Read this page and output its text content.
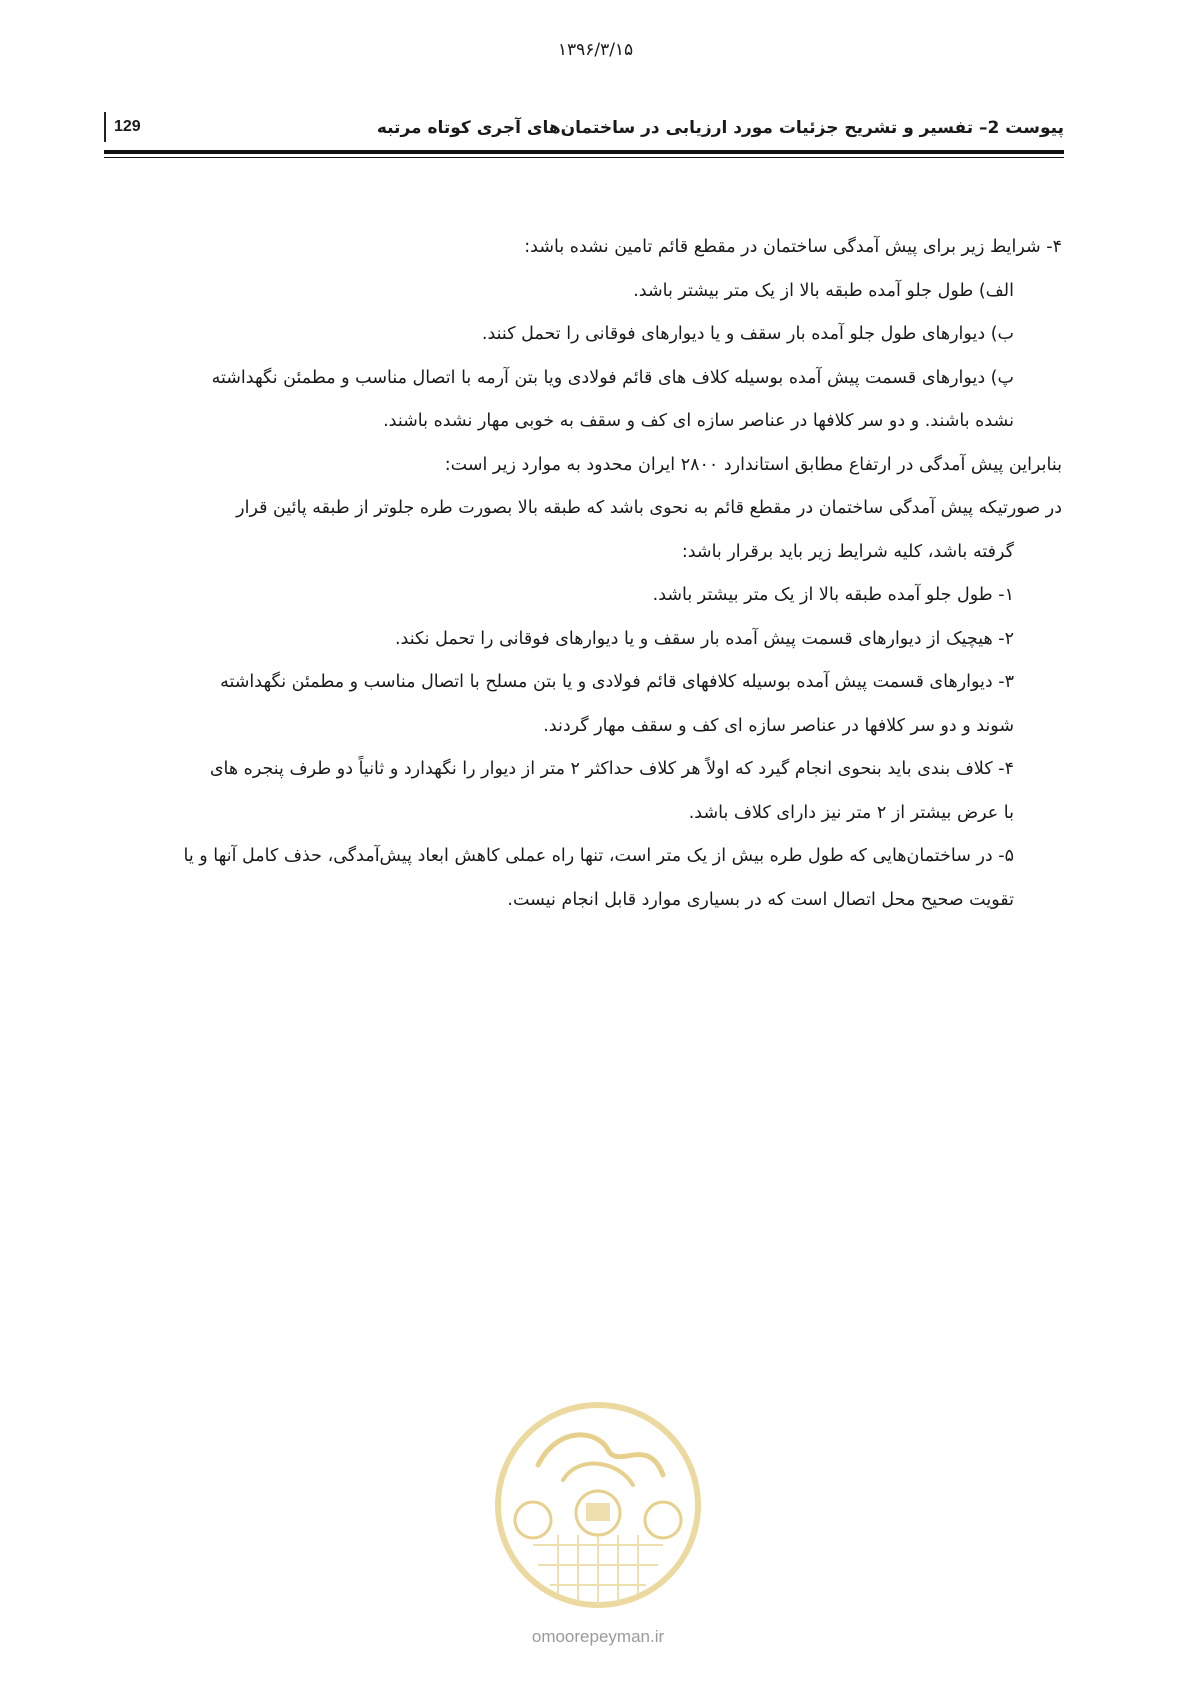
۱۳۹۶/۳/۱۵
129	پیوست 2– تفسیر و تشریح جزئیات مورد ارزیابی در ساختمان‌های آجری کوتاه مرتبه

۴- شرایط زیر برای پیش آمدگی ساختمان در مقطع قائم تامین نشده باشد:

الف) طول جلو آمده طبقه بالا از یک متر بیشتر باشد.

ب) دیوارهای طول جلو آمده بار سقف و یا دیوارهای فوقانی را تحمل کنند.

پ) دیوارهای قسمت پیش آمده بوسیله کلاف های قائم فولادی ویا بتن آرمه با اتصال مناسب و مطمئن نگهداشته

نشده باشند. و دو سر کلافها در عناصر سازه ای کف و سقف به خوبی مهار نشده باشند.

بنابراین پیش آمدگی در ارتفاع مطابق استاندارد ۲۸۰۰ ایران محدود به موارد زیر است:

در صورتیکه پیش آمدگی ساختمان در مقطع قائم به نحوی باشد که طبقه بالا بصورت طره جلوتر از طبقه پائین قرار

گرفته باشد، کلیه شرایط زیر باید برقرار باشد:

۱- طول جلو آمده طبقه بالا از یک متر بیشتر باشد.

۲- هیچیک از دیوارهای قسمت پیش آمده بار سقف و یا دیوارهای فوقانی را تحمل نکند.

۳- دیوارهای قسمت پیش آمده بوسیله کلافهای قائم فولادی و یا بتن مسلح با اتصال مناسب و مطمئن نگهداشته

شوند و دو سر کلافها در عناصر سازه ای کف و سقف مهار گردند.

۴- کلاف بندی باید بنحوی انجام گیرد که اولاً هر کلاف حداکثر ۲ متر از دیوار را نگهدارد و ثانیاً دو طرف پنجره های

با عرض بیشتر از ۲ متر نیز دارای کلاف باشد.

۵- در ساختمان‌هایی که طول طره بیش از یک متر است، تنها راه عملی کاهش ابعاد پیش‌آمدگی، حذف کامل آنها و یا

تقویت صحیح محل اتصال است که در بسیاری موارد قابل انجام نیست.

omoorepeyman.ir
